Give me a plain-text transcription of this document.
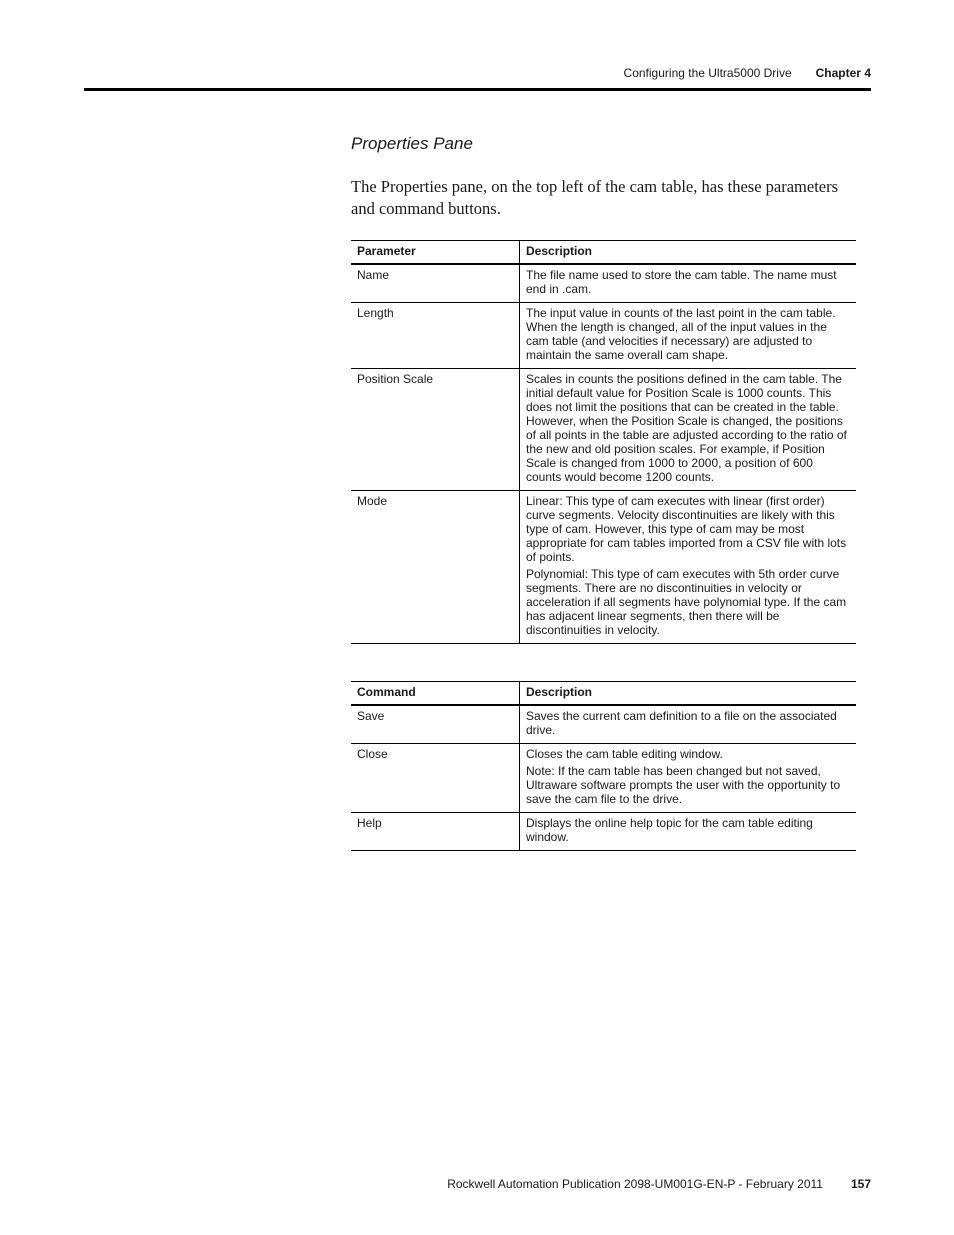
Configuring the Ultra5000 Drive Chapter 4
Properties Pane
The Properties pane, on the top left of the cam table, has these parameters and command buttons.
Parameter	Description
Name	The file name used to store the cam table. The name must end in .cam.

Length	The input value in counts of the last point in the cam table. When the length is changed, all of the input values in the cam table (and velocities if necessary) are adjusted to maintain the same overall cam shape.

Position Scale	Scales in counts the positions defined in the cam table. The initial default value for Position Scale is 1000 counts. This does not limit the positions that can be created in the table. However, when the Position Scale is changed, the positions of all points in the table are adjusted according to the ratio of the new and old position scales. For example, if Position Scale is changed from 1000 to 2000, a position of 600 counts would become 1200 counts.

Mode	Linear: This type of cam executes with linear (first order) curve segments. Velocity discontinuities are likely with this type of cam. However, this type of cam may be most appropriate for cam tables imported from a CSV file with lots of points.

Polynomial: This type of cam executes with 5th order curve segments. There are no discontinuities in velocity or acceleration if all segments have polynomial type. If the cam has adjacent linear segments, then there will be discontinuities in velocity.

Command	Description
Save	Saves the current cam definition to a file on the associated drive.

Close	Closes the cam table editing window.

Note: If the cam table has been changed but not saved, Ultraware software prompts the user with the opportunity to save the cam file to the drive.

Help	Displays the online help topic for the cam table editing window.

Rockwell Automation Publication 2098-UM001G-EN-P - February 2011 157
